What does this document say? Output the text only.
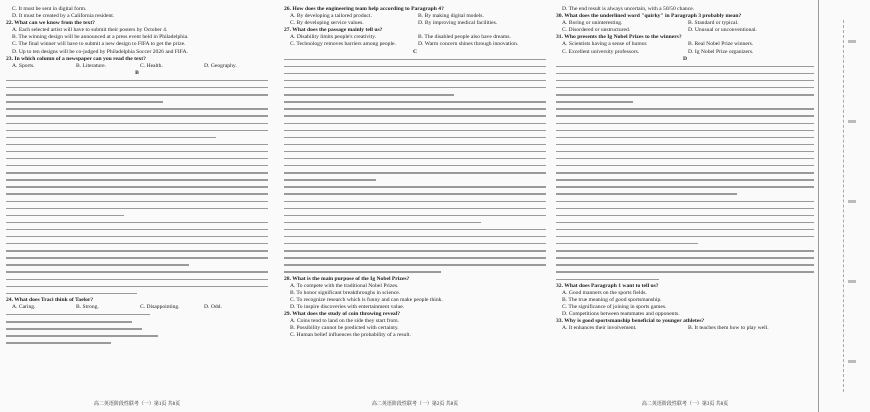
C. It must be sent in digital form.

D. It must be created by a California resident.

22. What can we know from the text?

A. Each selected artist will have to submit their posters by October 4.

B. The winning design will be announced at a press event held in Philadelphia.

C. The final winner will have to submit a new design to FIFA to get the prize.

D. Up to ten designs will be co-judged by Philadelphia Soccer 2026 and FIFA.

23. In which column of a newspaper can you read the text?

A. Sports.	B. Literature.	C. Health.	D. Geography.

B

24. What does Traci think of Taelor?

A. Caring.	B. Strong.	C. Disappointing.	D. Odd.
高二英语阶段性联考（一）第1页 共8页

26. How does the engineering team help according to Paragraph 4?

A. By developing a tailored product.	B. By making digital models.
C. By developing service values.	D. By improving medical facilities.

27. What does the passage mainly tell us?

A. Disability limits people's creativity.	B. The disabled people also have dreams.
C. Technology removes barriers among people.	D. Warm concern shines through innovation.

C

28. What is the main purpose of the Ig Nobel Prizes?

A. To compete with the traditional Nobel Prizes.

B. To honor significant breakthroughs in science.

C. To recognize research which is funny and can make people think.

D. To inspire discoveries with entertainment value.

29. What does the study of coin throwing reveal?

A. Coins tend to land on the side they start from.

B. Possibility cannot be predicted with certainty.

C. Human belief influences the probability of a result.

高二英语阶段性联考（一）第2页 共8页

D. The end result is always uncertain, with a 50/50 chance.

30. What does the underlined word "quirky" in Paragraph 3 probably mean?

A. Boring or uninteresting.	B. Standard or typical.
C. Disordered or unstructured.	D. Unusual or unconventional.

31. Who presents the Ig Nobel Prizes to the winners?

A. Scientists having a sense of humor.	B. Real Nobel Prize winners.
C. Excellent university professors.	D. Ig Nobel Prize organizers.

D

32. What does Paragraph 1 want to tell us?

A. Good manners on the sports fields.

B. The true meaning of good sportsmanship.

C. The significance of joining in sports games.

D. Competitions between teammates and opponents.

33. Why is good sportsmanship beneficial to younger athletes?

A. It enhances their involvement.	B. It teaches them how to play well.
高二英语阶段性联考（一）第3页 共8页
